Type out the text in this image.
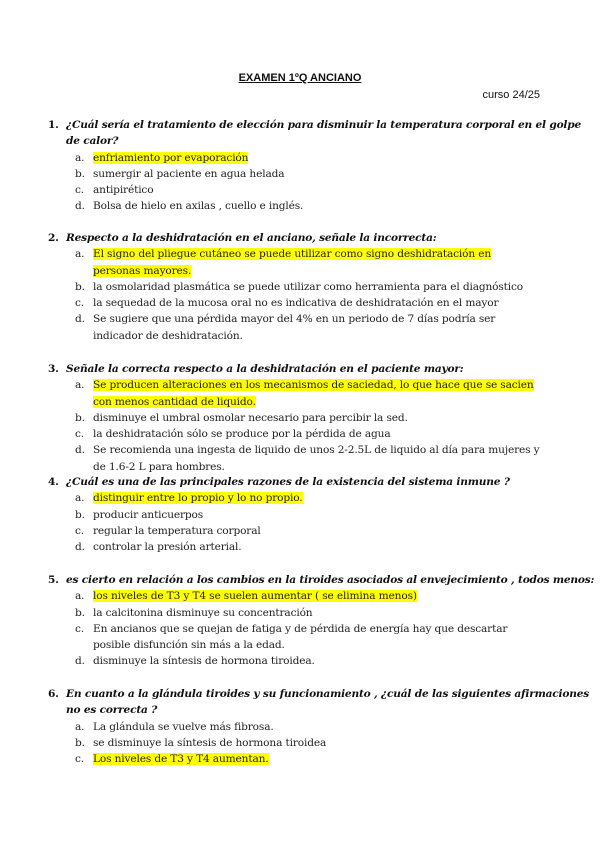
EXAMEN 1ºQ ANCIANO
curso 24/25
1. ¿Cuál sería el tratamiento de elección para disminuir la temperatura corporal en el golpe
de calor?
a. enfriamiento por evaporación
b. sumergir al paciente en agua helada
c. antipirético
d. Bolsa de hielo en axilas , cuello e inglés.
2. Respecto a la deshidratación en el anciano, señale la incorrecta:
a. El signo del pliegue cutáneo se puede utilizar como signo deshidratación en
personas mayores.
b. la osmolaridad plasmática se puede utilizar como herramienta para el diagnóstico
c. la sequedad de la mucosa oral no es indicativa de deshidratación en el mayor
d. Se sugiere que una pérdida mayor del 4% en un periodo de 7 días podría ser
indicador de deshidratación.
3. Señale la correcta respecto a la deshidratación en el paciente mayor:
a. Se producen alteraciones en los mecanismos de saciedad, lo que hace que se sacien
con menos cantidad de liquido.
b. disminuye el umbral osmolar necesario para percibir la sed.
c. la deshidratación sólo se produce por la pérdida de agua
d. Se recomienda una ingesta de liquido de unos 2-2.5L de liquido al día para mujeres y
de 1.6-2 L para hombres.
4. ¿Cuál es una de las principales razones de la existencia del sistema inmune ?
a. distinguir entre lo propio y lo no propio.
b. producir anticuerpos
c. regular la temperatura corporal
d. controlar la presión arterial.
5. es cierto en relación a los cambios en la tiroides asociados al envejecimiento , todos menos:
a. los niveles de T3 y T4 se suelen aumentar ( se elimina menos)
b. la calcitonina disminuye su concentración
c. En ancianos que se quejan de fatiga y de pérdida de energía hay que descartar
posible disfunción sin más a la edad.
d. disminuye la síntesis de hormona tiroidea.
6. En cuanto a la glándula tiroides y su funcionamiento , ¿cuál de las siguientes afirmaciones
no es correcta ?
a. La glándula se vuelve más fibrosa.
b. se disminuye la síntesis de hormona tiroidea
c. Los niveles de T3 y T4 aumentan.
